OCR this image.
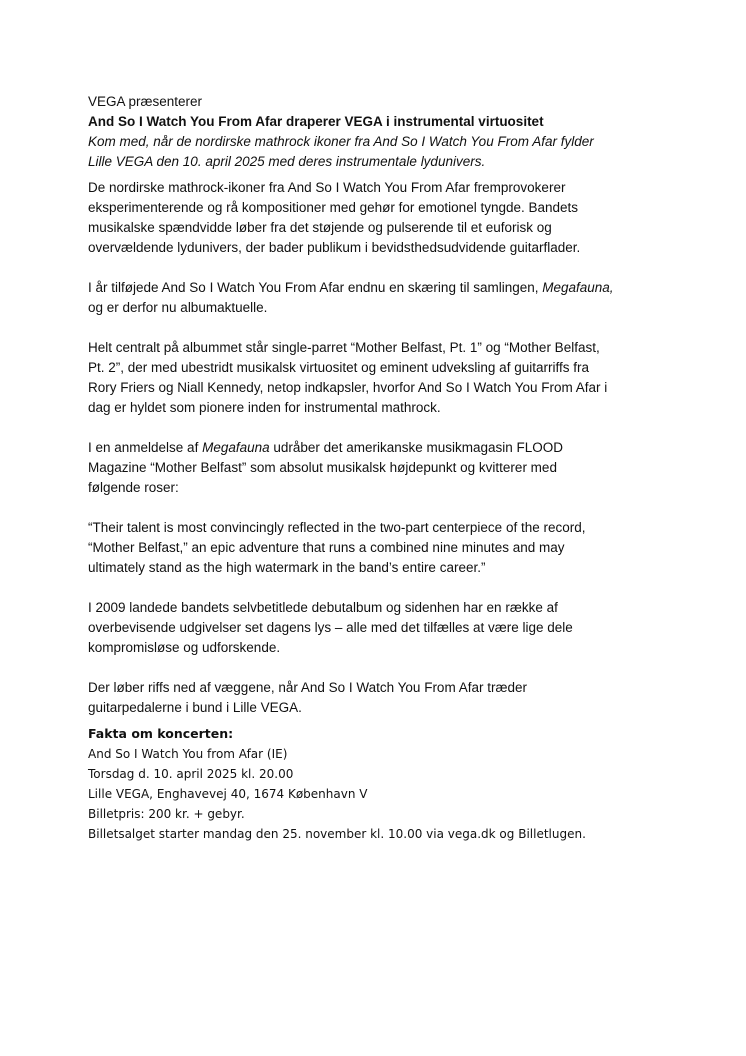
VEGA præsenterer
And So I Watch You From Afar draperer VEGA i instrumental virtuositet
Kom med, når de nordirske mathrock ikoner fra And So I Watch You From Afar fylder
Lille VEGA den 10. april 2025 med deres instrumentale lydunivers.
De nordirske mathrock-ikoner fra And So I Watch You From Afar fremprovokerer
eksperimenterende og rå kompositioner med gehør for emotionel tyngde. Bandets
musikalske spændvidde løber fra det støjende og pulserende til et euforisk og
overvældende lydunivers, der bader publikum i bevidsthedsudvidende guitarflader.
I år tilføjede And So I Watch You From Afar endnu en skæring til samlingen, Megafauna,
og er derfor nu albumaktuelle.
Helt centralt på albummet står single-parret “Mother Belfast, Pt. 1” og “Mother Belfast,
Pt. 2”, der med ubestridt musikalsk virtuositet og eminent udveksling af guitarriffs fra
Rory Friers og Niall Kennedy, netop indkapsler, hvorfor And So I Watch You From Afar i
dag er hyldet som pionere inden for instrumental mathrock.
I en anmeldelse af Megafauna udråber det amerikanske musikmagasin FLOOD
Magazine “Mother Belfast” som absolut musikalsk højdepunkt og kvitterer med
følgende roser:
“Their talent is most convincingly reflected in the two-part centerpiece of the record,
“Mother Belfast,” an epic adventure that runs a combined nine minutes and may
ultimately stand as the high watermark in the band’s entire career.”
I 2009 landede bandets selvbetitlede debutalbum og sidenhen har en række af
overbevisende udgivelser set dagens lys – alle med det tilfælles at være lige dele
kompromisløse og udforskende.
Der løber riffs ned af væggene, når And So I Watch You From Afar træder
guitarpedalerne i bund i Lille VEGA.
Fakta om koncerten:
And So I Watch You from Afar (IE)
Torsdag d. 10. april 2025 kl. 20.00
Lille VEGA, Enghavevej 40, 1674 København V
Billetpris: 200 kr. + gebyr.
Billetsalget starter mandag den 25. november kl. 10.00 via vega.dk og Billetlugen.
